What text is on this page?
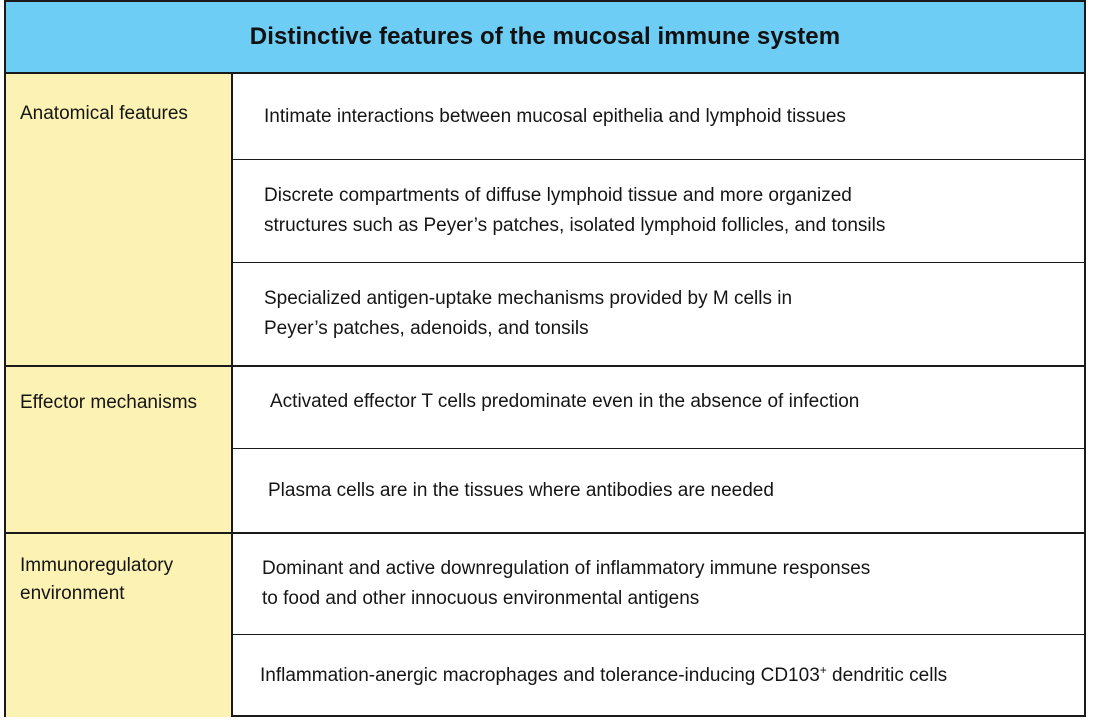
Distinctive features of the mucosal immune system
Anatomical features	Intimate interactions between mucosal epithelia and lymphoid tissues
Discrete compartments of diffuse lymphoid tissue and more organized
structures such as Peyer’s patches, isolated lymphoid follicles, and tonsils
Specialized antigen-uptake mechanisms provided by M cells in
Peyer’s patches, adenoids, and tonsils
Effector mechanisms	Activated effector T cells predominate even in the absence of infection
Plasma cells are in the tissues where antibodies are needed
Immunoregulatory
environment
Dominant and active downregulation of inflammatory immune responses
to food and other innocuous environmental antigens
Inflammation-anergic macrophages and tolerance-inducing CD103+ dendritic cells
